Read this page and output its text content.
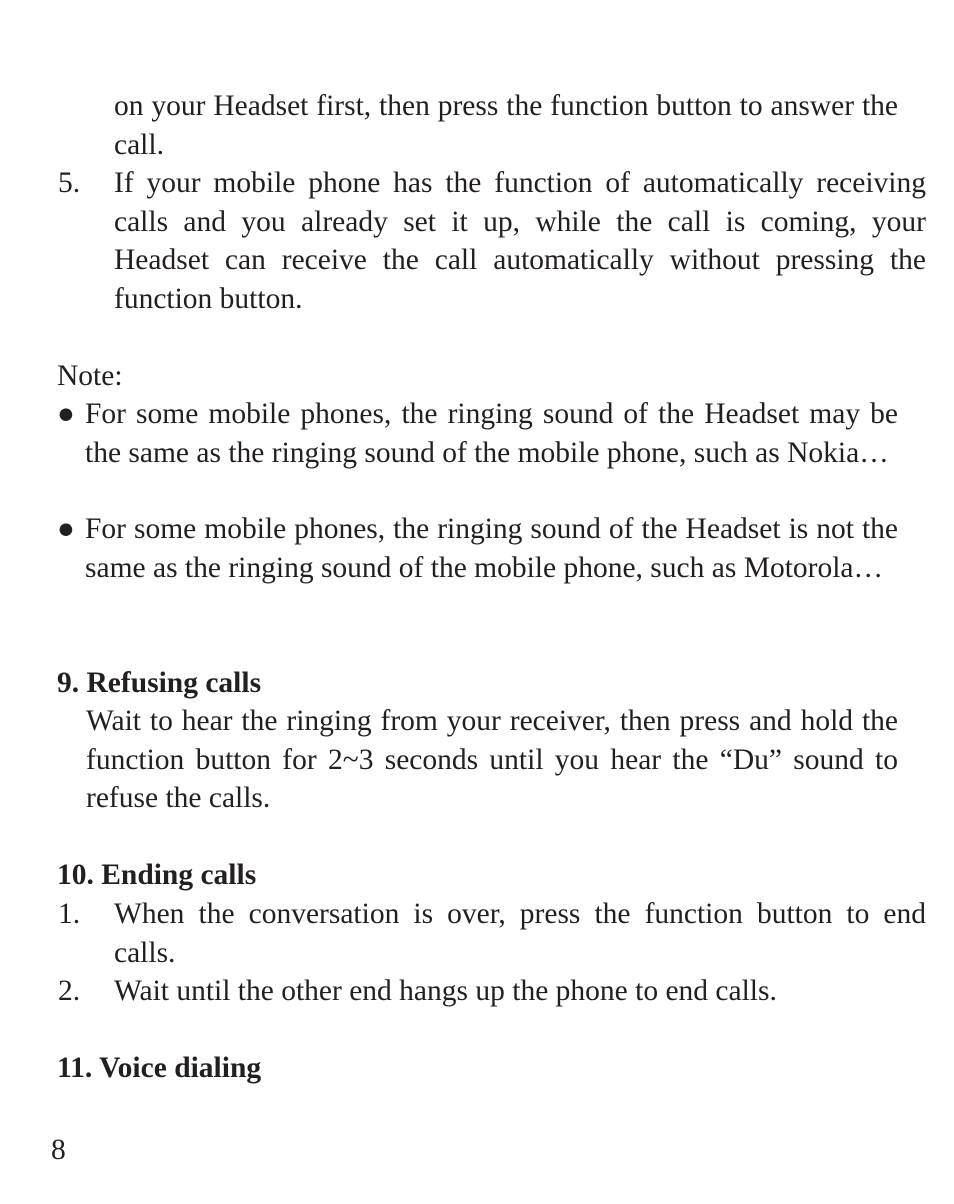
on your Headset first, then press the function button to answer the call.

5. If your mobile phone has the function of automatically receiving calls and you already set it up, while the call is coming, your Headset can receive the call automatically without pressing the function button.

Note:

● For some mobile phones, the ringing sound of the Headset may be the same as the ringing sound of the mobile phone, such as Nokia…

● For some mobile phones, the ringing sound of the Headset is not the same as the ringing sound of the mobile phone, such as Motorola…

9. Refusing calls

Wait to hear the ringing from your receiver, then press and hold the function button for 2~3 seconds until you hear the “Du” sound to refuse the calls.

10. Ending calls

1. When the conversation is over, press the function button to end calls.

2. Wait until the other end hangs up the phone to end calls.

11. Voice dialing
8
